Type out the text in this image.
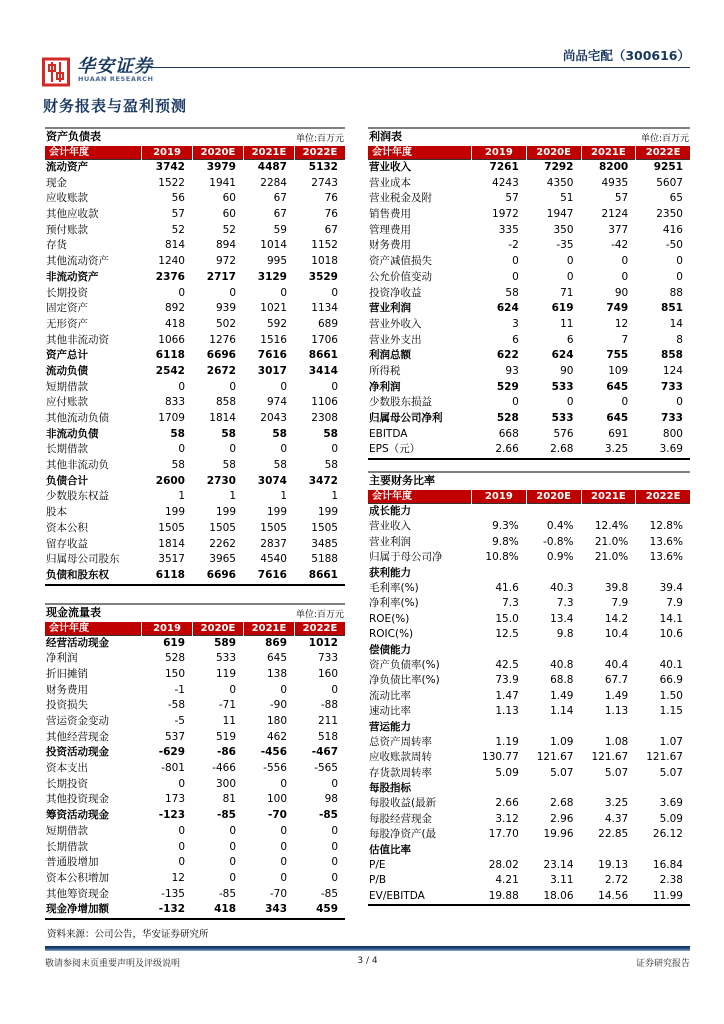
华安证券
HUAAN RESEARCH
尚品宅配（300616）
财务报表与盈利预测
资产负债表	单位:百万元
会计年度	2019	2020E	2021E	2022E
流动资产	3742	3979	4487	5132
现金	1522	1941	2284	2743
应收账款	56	60	67	76
其他应收款	57	60	67	76
预付账款	52	52	59	67
存货	814	894	1014	1152
其他流动资产	1240	972	995	1018
非流动资产	2376	2717	3129	3529
长期投资	0	0	0	0
固定资产	892	939	1021	1134
无形资产	418	502	592	689
其他非流动资	1066	1276	1516	1706
资产总计	6118	6696	7616	8661
流动负债	2542	2672	3017	3414
短期借款	0	0	0	0
应付账款	833	858	974	1106
其他流动负债	1709	1814	2043	2308
非流动负债	58	58	58	58
长期借款	0	0	0	0
其他非流动负	58	58	58	58
负债合计	2600	2730	3074	3472
少数股东权益	1	1	1	1
股本	199	199	199	199
资本公积	1505	1505	1505	1505
留存收益	1814	2262	2837	3485
归属母公司股东	3517	3965	4540	5188
负债和股东权	6118	6696	7616	8661
现金流量表	单位:百万元
会计年度	2019	2020E	2021E	2022E
经营活动现金	619	589	869	1012
净利润	528	533	645	733
折旧摊销	150	119	138	160
财务费用	-1	0	0	0
投资损失	-58	-71	-90	-88
营运资金变动	-5	11	180	211
其他经营现金	537	519	462	518
投资活动现金	-629	-86	-456	-467
资本支出	-801	-466	-556	-565
长期投资	0	300	0	0
其他投资现金	173	81	100	98
筹资活动现金	-123	-85	-70	-85
短期借款	0	0	0	0
长期借款	0	0	0	0
普通股增加	0	0	0	0
资本公积增加	12	0	0	0
其他筹资现金	-135	-85	-70	-85
现金净增加额	-132	418	343	459
资料来源：公司公告，华安证券研究所
利润表	单位:百万元
会计年度	2019	2020E	2021E	2022E
营业收入	7261	7292	8200	9251
营业成本	4243	4350	4935	5607
营业税金及附	57	51	57	65
销售费用	1972	1947	2124	2350
管理费用	335	350	377	416
财务费用	-2	-35	-42	-50
资产减值损失	0	0	0	0
公允价值变动	0	0	0	0
投资净收益	58	71	90	88
营业利润	624	619	749	851
营业外收入	3	11	12	14
营业外支出	6	6	7	8
利润总额	622	624	755	858
所得税	93	90	109	124
净利润	529	533	645	733
少数股东损益	0	0	0	0
归属母公司净利	528	533	645	733
EBITDA	668	576	691	800
EPS（元）	2.66	2.68	3.25	3.69
主要财务比率
会计年度	2019	2020E	2021E	2022E
成长能力
营业收入	9.3%	0.4%	12.4%	12.8%
营业利润	9.8%	-0.8%	21.0%	13.6%
归属于母公司净	10.8%	0.9%	21.0%	13.6%
获利能力
毛利率(%)	41.6	40.3	39.8	39.4
净利率(%)	7.3	7.3	7.9	7.9
ROE(%)	15.0	13.4	14.2	14.1
ROIC(%)	12.5	9.8	10.4	10.6
偿债能力
资产负债率(%)	42.5	40.8	40.4	40.1
净负债比率(%)	73.9	68.8	67.7	66.9
流动比率	1.47	1.49	1.49	1.50
速动比率	1.13	1.14	1.13	1.15
营运能力
总资产周转率	1.19	1.09	1.08	1.07
应收账款周转	130.77	121.67	121.67	121.67
存货款周转率	5.09	5.07	5.07	5.07
每股指标
每股收益(最新	2.66	2.68	3.25	3.69
每股经营现金	3.12	2.96	4.37	5.09
每股净资产(最	17.70	19.96	22.85	26.12
估值比率
P/E	28.02	23.14	19.13	16.84
P/B	4.21	3.11	2.72	2.38
EV/EBITDA	19.88	18.06	14.56	11.99
3 / 4
敬请参阅末页重要声明及评级说明	证券研究报告
